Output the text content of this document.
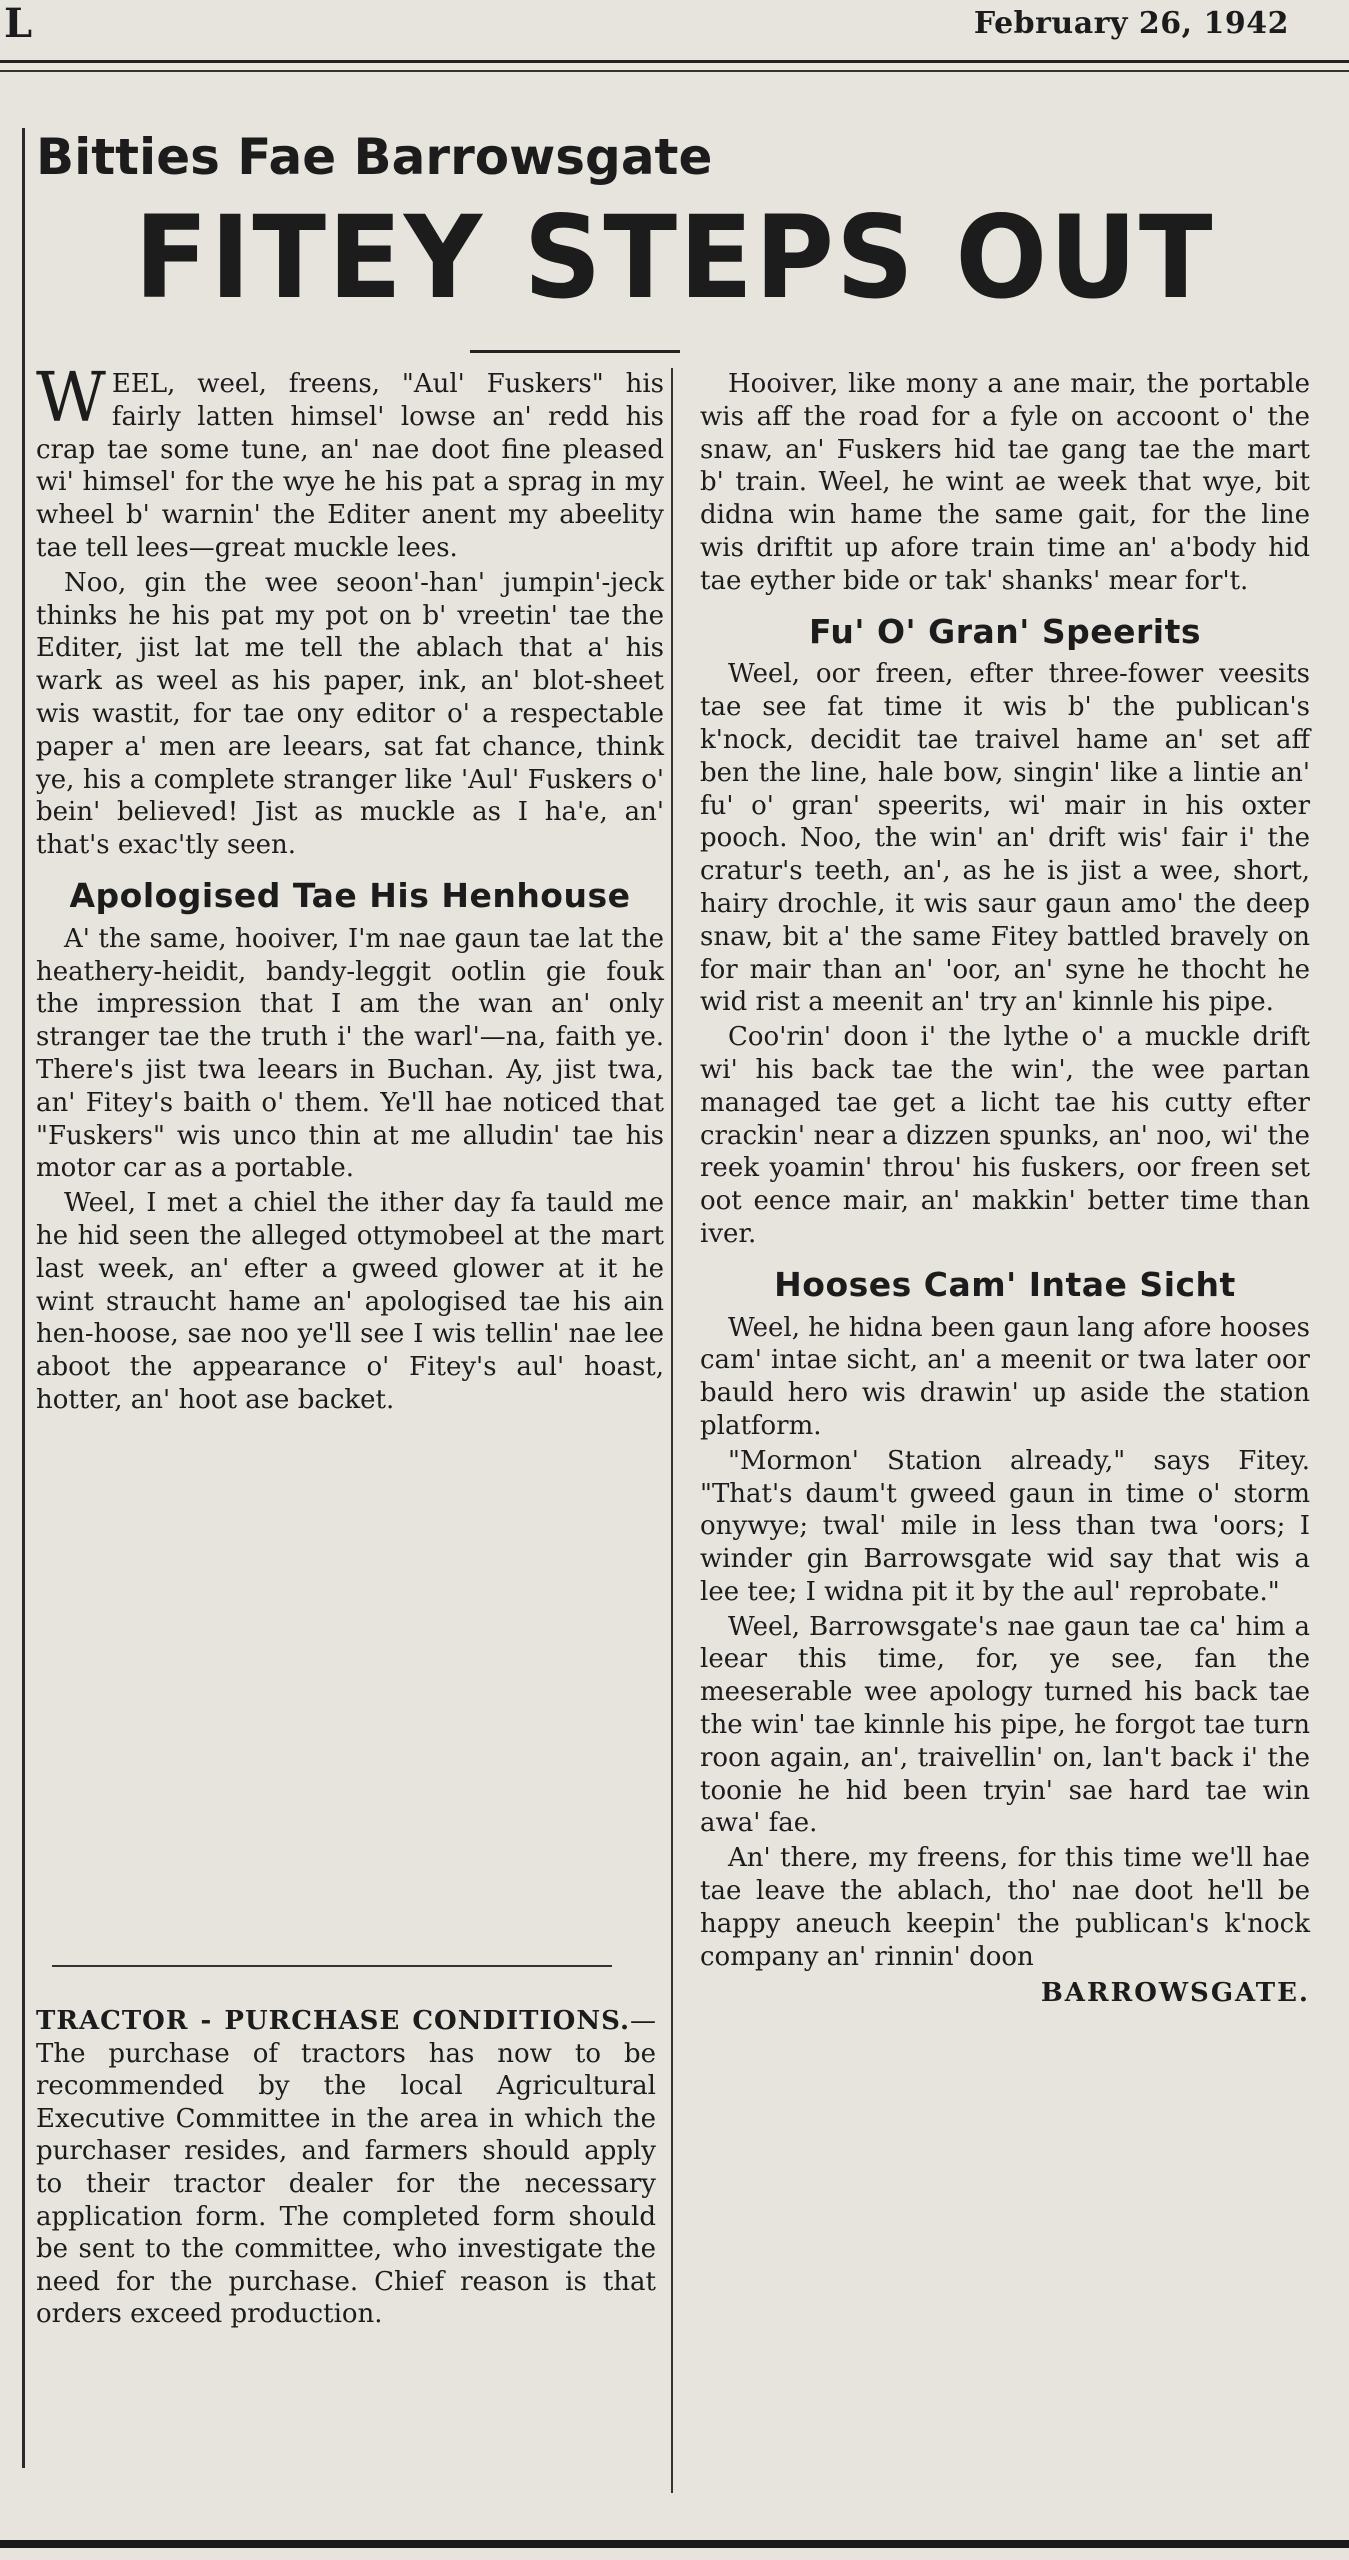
L	February 26, 1942
Bitties Fae Barrowsgate
FITEY STEPS OUT

W EEL, weel, freens, "Aul' Fuskers" his fairly latten himsel' lowse an' redd his crap tae some tune, an' nae doot fine pleased wi' himsel' for the wye he his pat a sprag in my wheel b' warnin' the Editer anent my abeelity tae tell lees—great muckle lees.

Noo, gin the wee seoon'-han' jumpin'-jeck thinks he his pat my pot on b' vreetin' tae the Editer, jist lat me tell the ablach that a' his wark as weel as his paper, ink, an' blot-sheet wis wastit, for tae ony editor o' a respectable paper a' men are leears, sat fat chance, think ye, his a complete stranger like 'Aul' Fuskers o' bein' believed! Jist as muckle as I ha'e, an' that's exac'tly seen.

Apologised Tae His Henhouse

A' the same, hooiver, I'm nae gaun tae lat the heathery-heidit, bandy-leggit ootlin gie fouk the impression that I am the wan an' only stranger tae the truth i' the warl'—na, faith ye. There's jist twa leears in Buchan. Ay, jist twa, an' Fitey's baith o' them. Ye'll hae noticed that "Fuskers" wis unco thin at me alludin' tae his motor car as a portable.

Weel, I met a chiel the ither day fa tauld me he hid seen the alleged ottymobeel at the mart last week, an' efter a gweed glower at it he wint straucht hame an' apologised tae his ain hen-hoose, sae noo ye'll see I wis tellin' nae lee aboot the appearance o' Fitey's aul' hoast, hotter, an' hoot ase backet.

TRACTOR - PURCHASE CONDITIONS.—The purchase of tractors has now to be recommended by the local Agricultural Executive Committee in the area in which the purchaser resides, and farmers should apply to their tractor dealer for the necessary application form. The completed form should be sent to the committee, who investigate the need for the purchase. Chief reason is that orders exceed production.

Hooiver, like mony a ane mair, the portable wis aff the road for a fyle on accoont o' the snaw, an' Fuskers hid tae gang tae the mart b' train. Weel, he wint ae week that wye, bit didna win hame the same gait, for the line wis driftit up afore train time an' a'body hid tae eyther bide or tak' shanks' mear for't.

Fu' O' Gran' Speerits

Weel, oor freen, efter three-fower veesits tae see fat time it wis b' the publican's k'nock, decidit tae traivel hame an' set aff ben the line, hale bow, singin' like a lintie an' fu' o' gran' speerits, wi' mair in his oxter pooch. Noo, the win' an' drift wis' fair i' the cratur's teeth, an', as he is jist a wee, short, hairy drochle, it wis saur gaun amo' the deep snaw, bit a' the same Fitey battled bravely on for mair than an' 'oor, an' syne he thocht he wid rist a meenit an' try an' kinnle his pipe.

Coo'rin' doon i' the lythe o' a muckle drift wi' his back tae the win', the wee partan managed tae get a licht tae his cutty efter crackin' near a dizzen spunks, an' noo, wi' the reek yoamin' throu' his fuskers, oor freen set oot eence mair, an' makkin' better time than iver.

Hooses Cam' Intae Sicht

Weel, he hidna been gaun lang afore hooses cam' intae sicht, an' a meenit or twa later oor bauld hero wis drawin' up aside the station platform.

"Mormon' Station already," says Fitey. "That's daum't gweed gaun in time o' storm onywye; twal' mile in less than twa 'oors; I winder gin Barrowsgate wid say that wis a lee tee; I widna pit it by the aul' reprobate."

Weel, Barrowsgate's nae gaun tae ca' him a leear this time, for, ye see, fan the meeserable wee apology turned his back tae the win' tae kinnle his pipe, he forgot tae turn roon again, an', traivellin' on, lan't back i' the toonie he hid been tryin' sae hard tae win awa' fae.

An' there, my freens, for this time we'll hae tae leave the ablach, tho' nae doot he'll be happy aneuch keepin' the publican's k'nock company an' rinnin' doon

BARROWSGATE.
